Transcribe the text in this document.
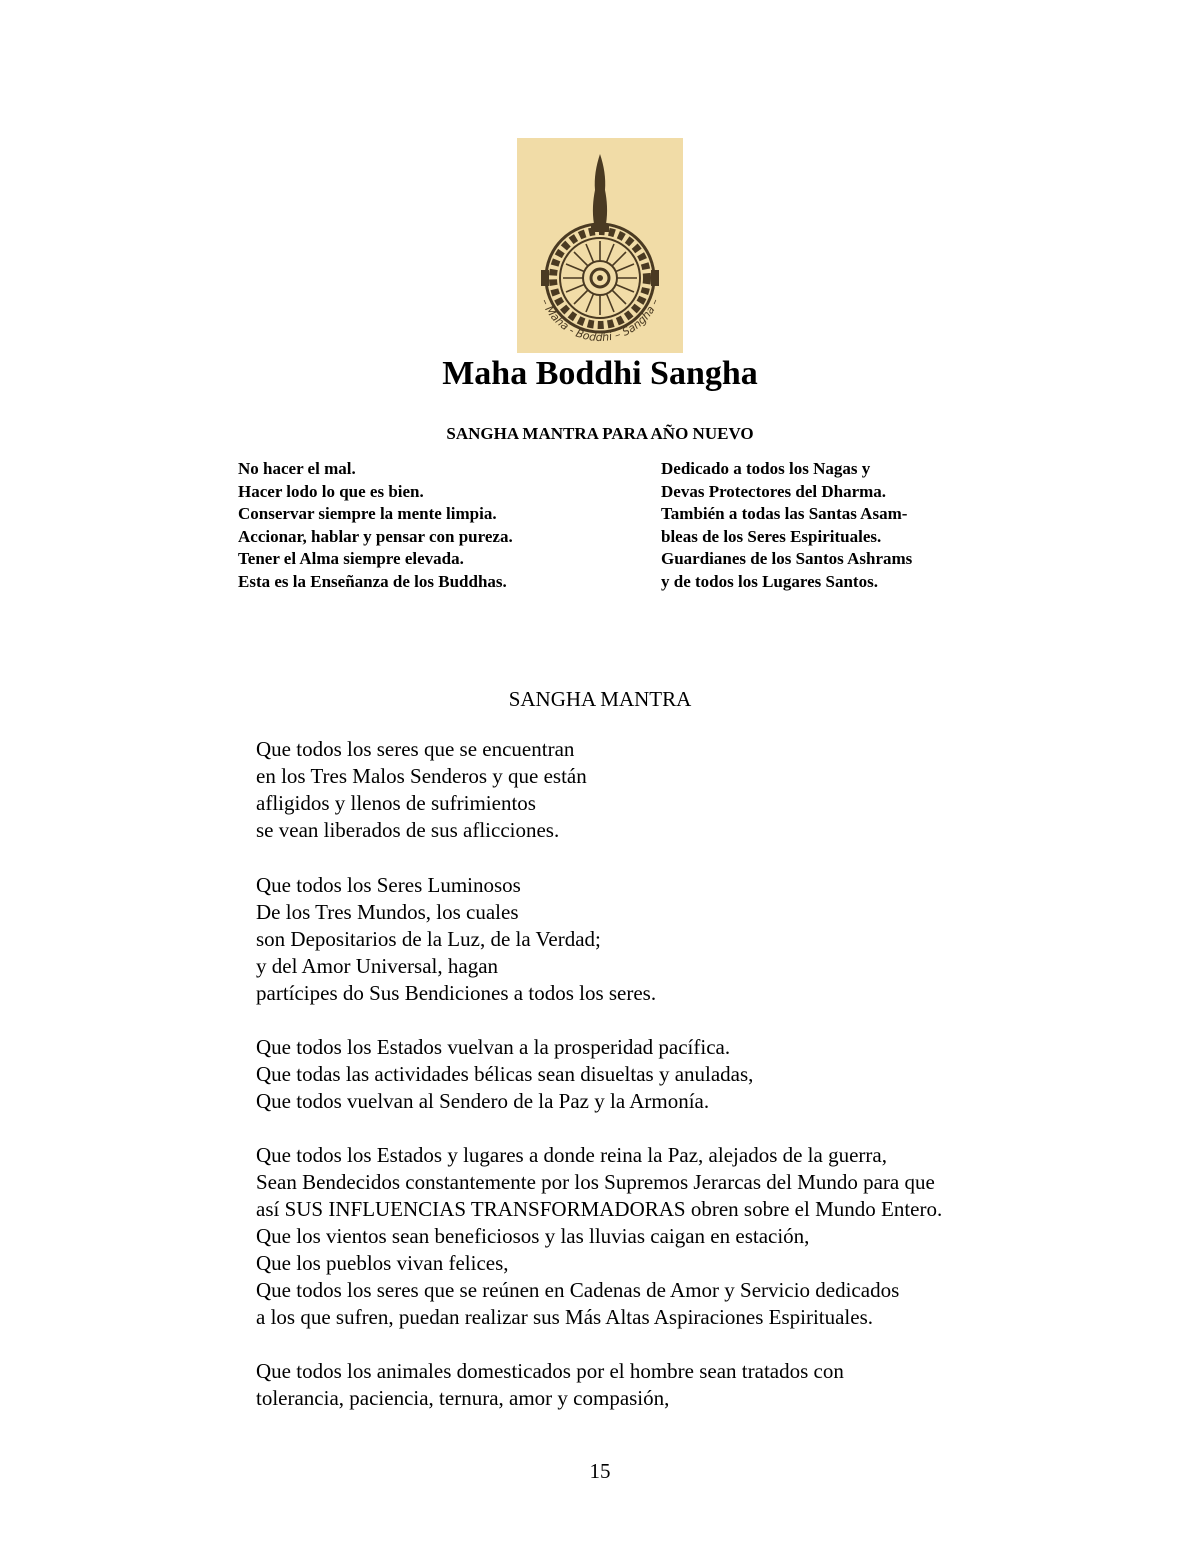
– Maha - Boddhi – Sangha –
Maha Boddhi Sangha
SANGHA MANTRA PARA AÑO NUEVO
No hacer el mal.
Hacer lodo lo que es bien.
Conservar siempre la mente limpia.
Accionar, hablar y pensar con pureza.
Tener el Alma siempre elevada.
Esta es la Enseñanza de los Buddhas.
Dedicado a todos los Nagas y
Devas Protectores del Dharma.
También a todas las Santas Asam-
bleas de los Seres Espirituales.
Guardianes de los Santos Ashrams
y de todos los Lugares Santos.
SANGHA MANTRA
Que todos los seres que se encuentran
en los Tres Malos Senderos y que están
afligidos y llenos de sufrimientos
se vean liberados de sus aflicciones.
Que todos los Seres Luminosos
De los Tres Mundos, los cuales
son Depositarios de la Luz, de la Verdad;
y del Amor Universal, hagan
partícipes do Sus Bendiciones a todos los seres.
Que todos los Estados vuelvan a la prosperidad pacífica.
Que todas las actividades bélicas sean disueltas y anuladas,
Que todos vuelvan al Sendero de la Paz y la Armonía.
Que todos los Estados y lugares a donde reina la Paz, alejados de la guerra,
Sean Bendecidos constantemente por los Supremos Jerarcas del Mundo para que
así SUS INFLUENCIAS TRANSFORMADORAS obren sobre el Mundo Entero.
Que los vientos sean beneficiosos y las lluvias caigan en estación,
Que los pueblos vivan felices,
Que todos los seres que se reúnen en Cadenas de Amor y Servicio dedicados
a los que sufren, puedan realizar sus Más Altas Aspiraciones Espirituales.
Que todos los animales domesticados por el hombre sean tratados con
tolerancia, paciencia, ternura, amor y compasión,
15
